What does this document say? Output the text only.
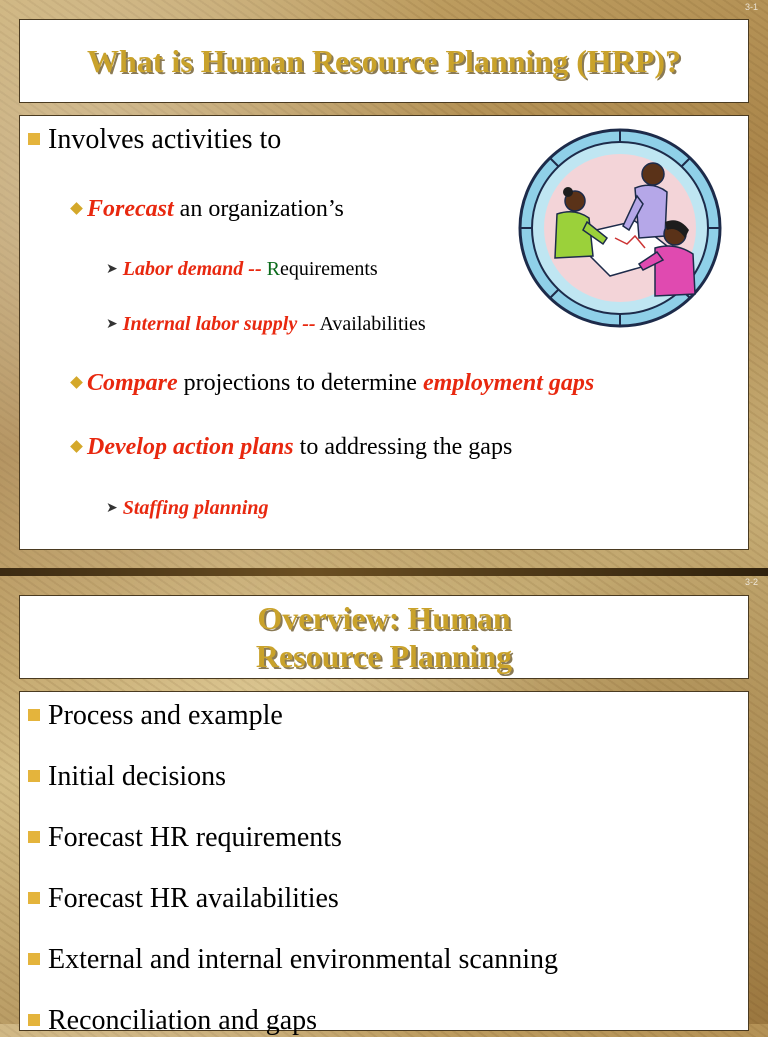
3-1
What is Human Resource Planning (HRP)?
Involves activities to
Forecast an organization’s
➤ Labor demand -- Requirements
➤ Internal labor supply -- Availabilities
Compare projections to determine employment gaps
Develop action plans to addressing the gaps
➤ Staffing planning
3-2
Overview: Human
Resource Planning
Process and example
Initial decisions
Forecast HR requirements
Forecast HR availabilities
External and internal environmental scanning
Reconciliation and gaps
